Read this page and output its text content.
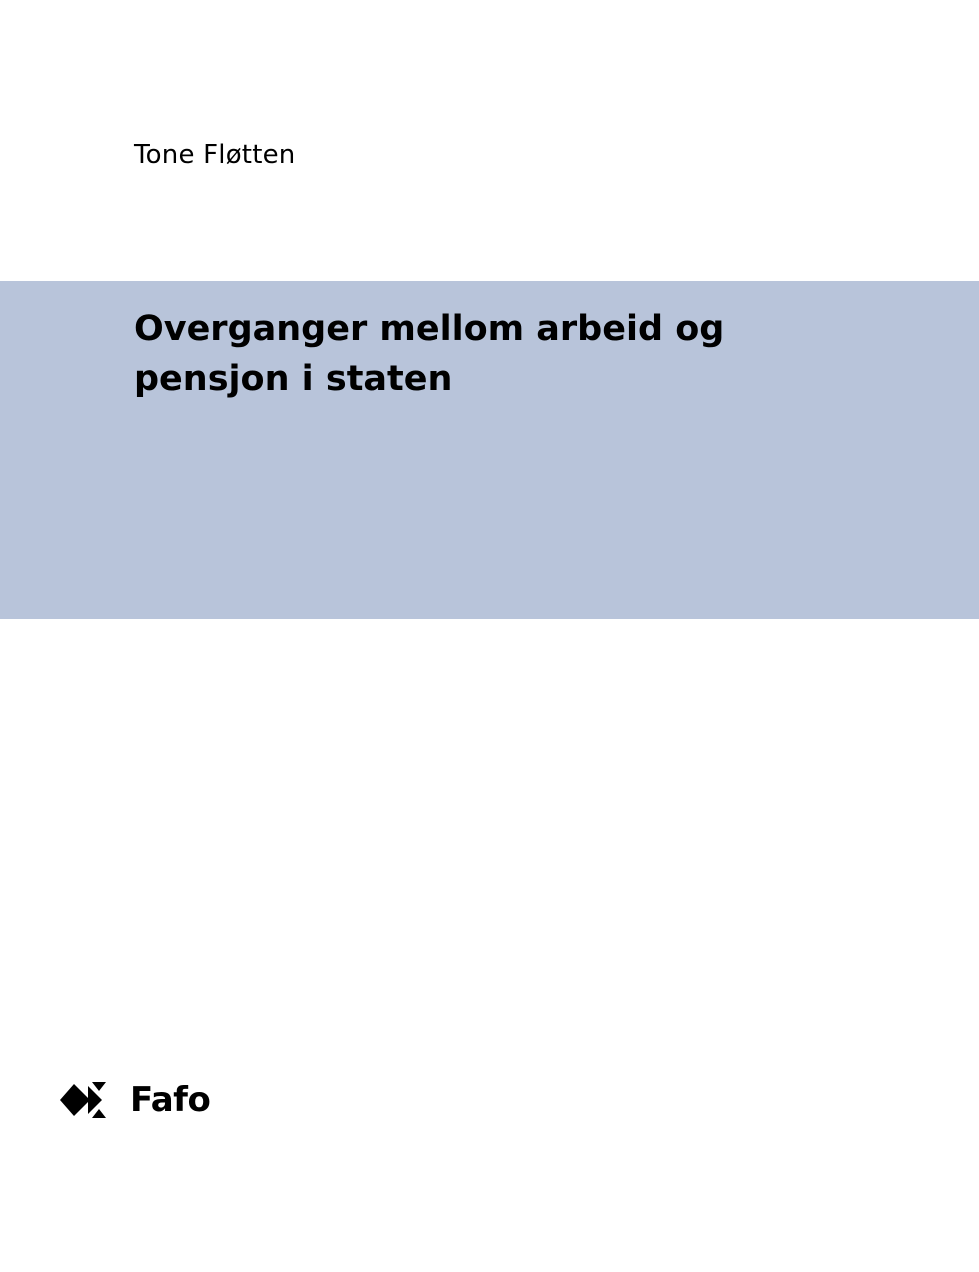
Tone Fløtten
Overganger mellom arbeid og pensjon i staten
Fafo
